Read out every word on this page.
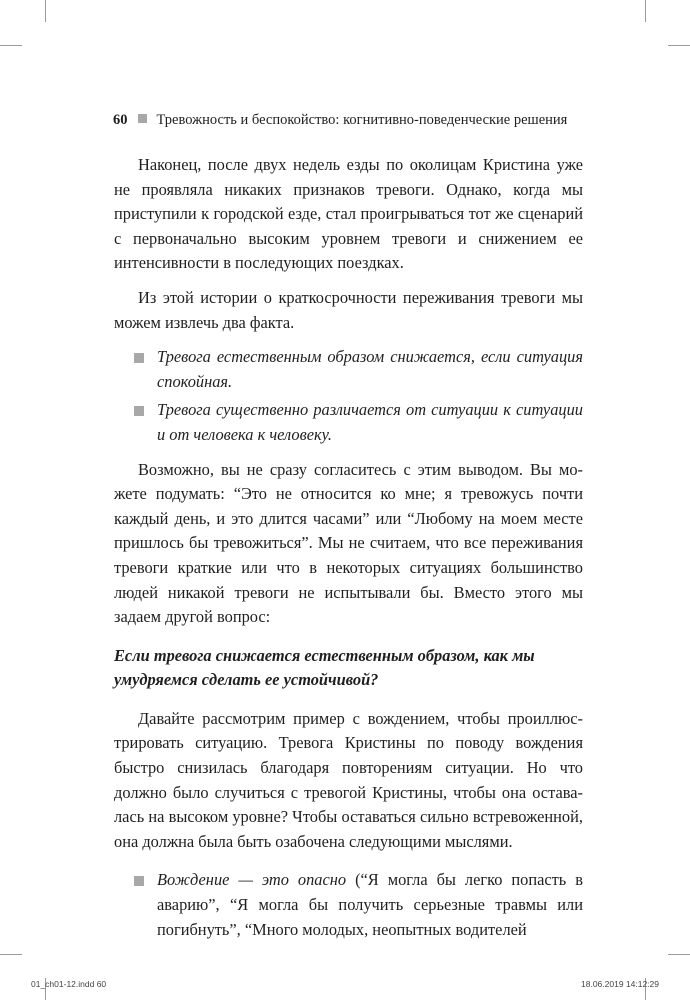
60 Тревожность и беспокойство: когнитивно-поведенческие решения

Наконец, после двух недель езды по околицам Кристина уже не проявляла никаких признаков тревоги. Однако, когда мы приступили к городской езде, стал проигрываться тот же сценарий с первоначально высоким уровнем тревоги и снижением ее интенсивности в последующих поездках.

Из этой истории о краткосрочности переживания тревоги мы можем извлечь два факта.

Тревога естественным образом снижается, если ситуация спокойная.
Тревога существенно различается от ситуации к ситуации и от человека к человеку.

Возможно, вы не сразу согласитесь с этим выводом. Вы можете подумать: “Это не относится ко мне; я тревожусь почти каждый день, и это длится часами” или “Любому на моем месте пришлось бы тревожиться”. Мы не считаем, что все переживания тревоги краткие или что в некоторых ситуациях большинство людей никакой тревоги не испытывали бы. Вместо этого мы задаем другой вопрос:

Если тревога снижается естественным образом, как мы умудряемся сделать ее устойчивой?

Давайте рассмотрим пример с вождением, чтобы проиллюстрировать ситуацию. Тревога Кристины по поводу вождения быстро снизилась благодаря повторениям ситуации. Но что должно было случиться с тревогой Кристины, чтобы она оставалась на высоком уровне? Чтобы оставаться сильно встревоженной, она должна была быть озабочена следующими мыслями.

Вождение — это опасно (“Я могла бы легко попасть в аварию”, “Я могла бы получить серьезные травмы или погибнуть”, “Много молодых, неопытных водителей
01_ch01-12.indd 60	18.06.2019 14:12:29
